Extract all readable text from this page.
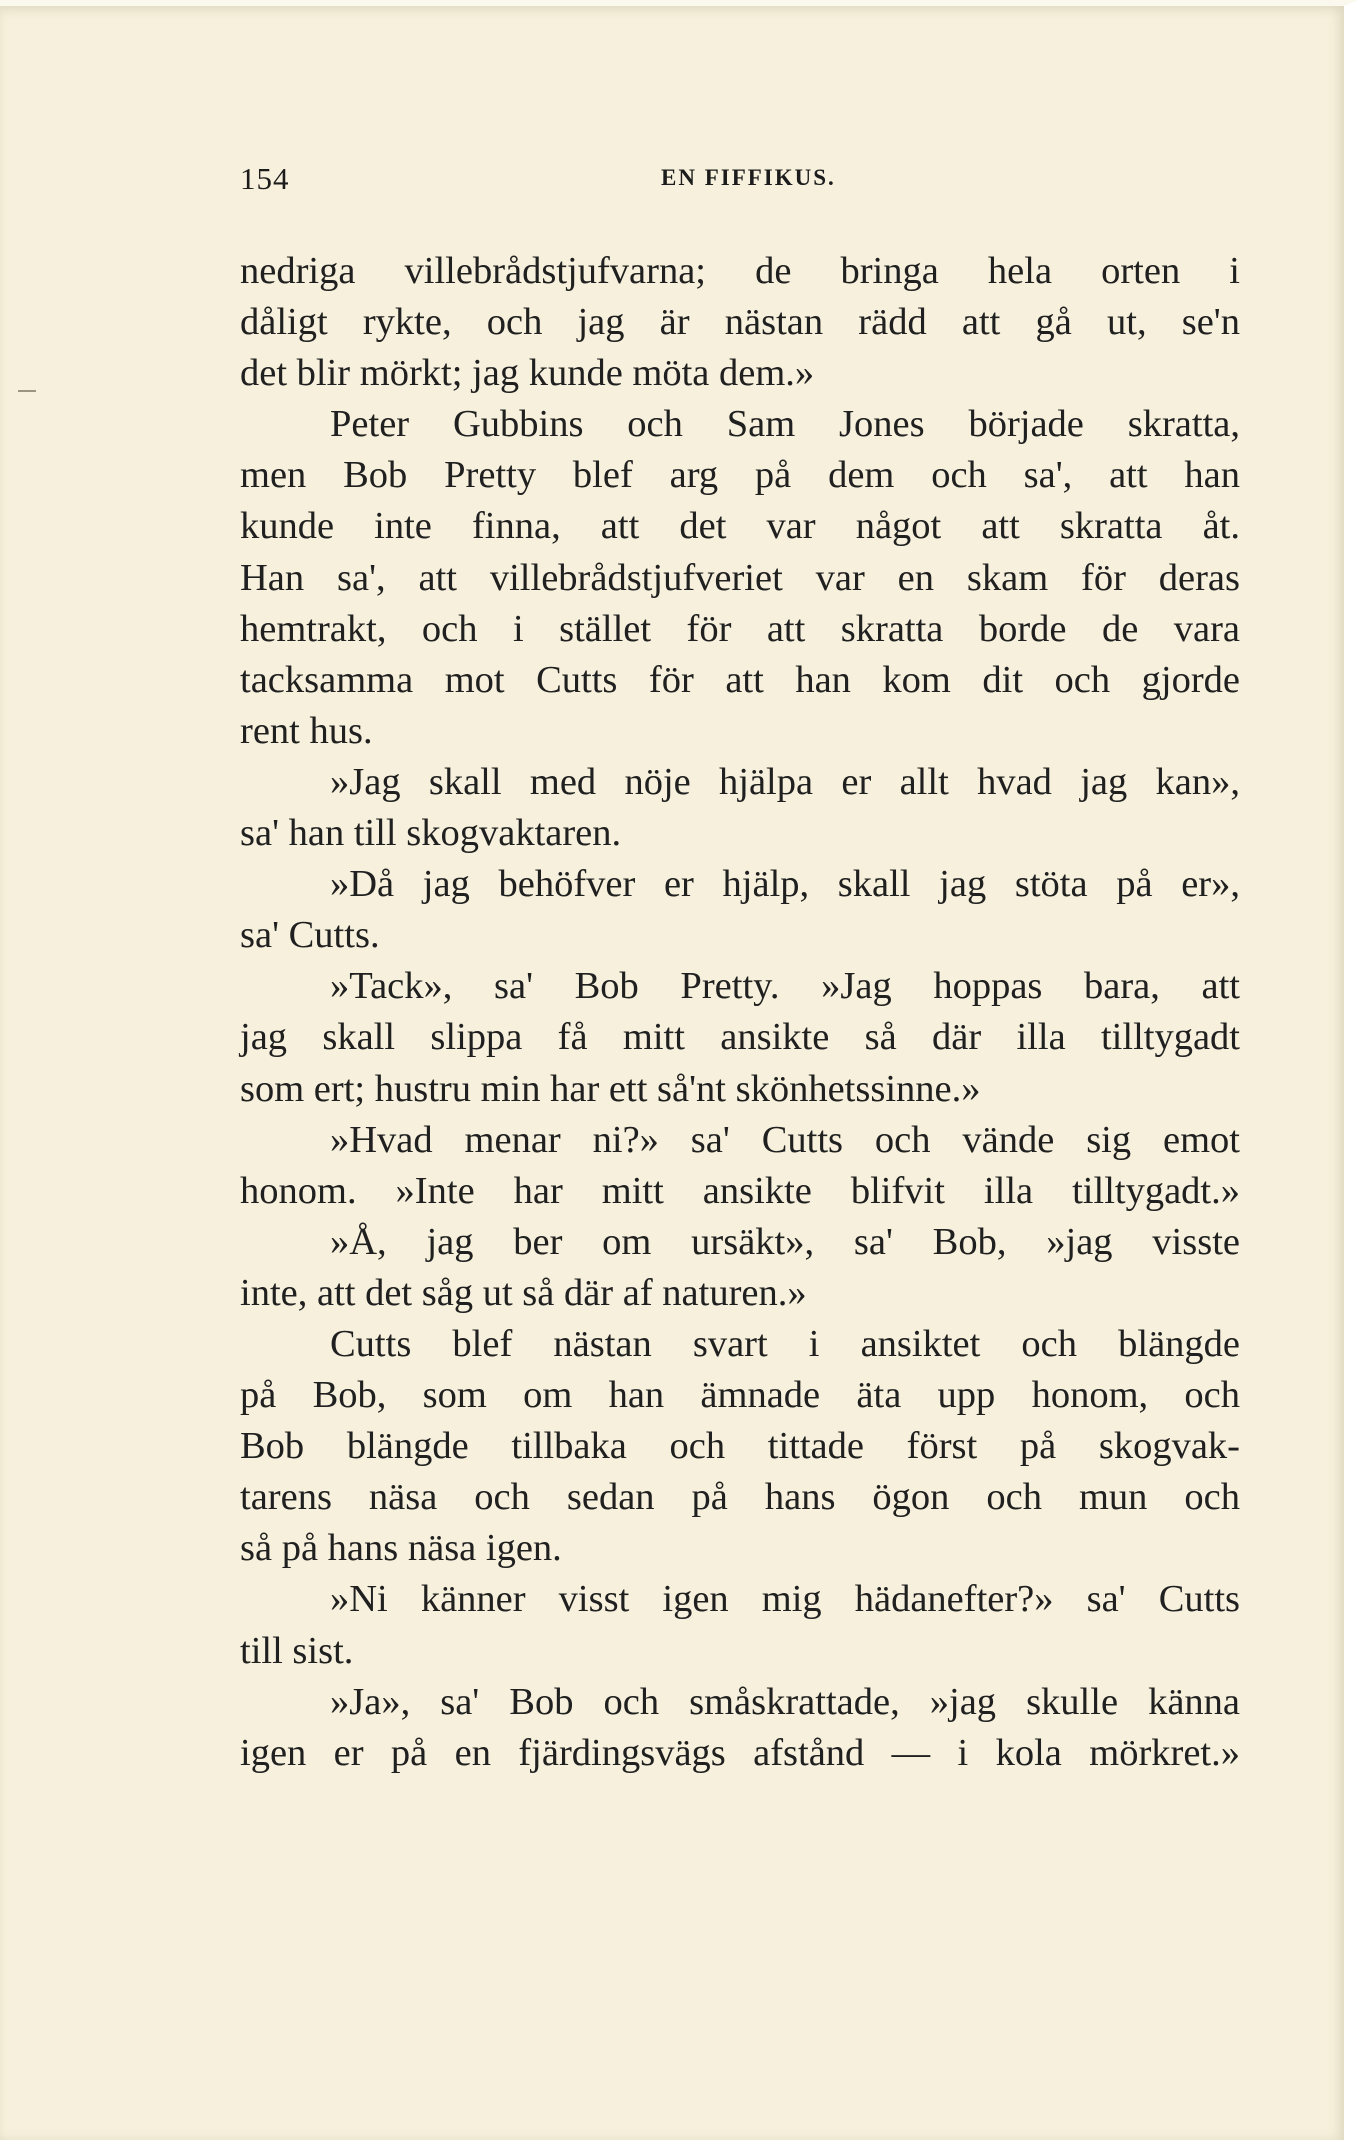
154	EN FIFFIKUS.
nedriga villebrådstjufvarna; de bringa hela orten i
dåligt rykte, och jag är nästan rädd att gå ut, se'n
det blir mörkt; jag kunde möta dem.»
Peter Gubbins och Sam Jones började skratta,
men Bob Pretty blef arg på dem och sa', att han
kunde inte finna, att det var något att skratta åt.
Han sa', att villebrådstjufveriet var en skam för deras
hemtrakt, och i stället för att skratta borde de vara
tacksamma mot Cutts för att han kom dit och gjorde
rent hus.
»Jag skall med nöje hjälpa er allt hvad jag kan»,
sa' han till skogvaktaren.
»Då jag behöfver er hjälp, skall jag stöta på er»,
sa' Cutts.
»Tack», sa' Bob Pretty. »Jag hoppas bara, att
jag skall slippa få mitt ansikte så där illa tilltygadt
som ert; hustru min har ett så'nt skönhetssinne.»
»Hvad menar ni?» sa' Cutts och vände sig emot
honom. »Inte har mitt ansikte blifvit illa tilltygadt.»
»Å, jag ber om ursäkt», sa' Bob, »jag visste
inte, att det såg ut så där af naturen.»
Cutts blef nästan svart i ansiktet och blängde
på Bob, som om han ämnade äta upp honom, och
Bob blängde tillbaka och tittade först på skogvak-
tarens näsa och sedan på hans ögon och mun och
så på hans näsa igen.
»Ni känner visst igen mig hädanefter?» sa' Cutts
till sist.
»Ja», sa' Bob och småskrattade, »jag skulle känna
igen er på en fjärdingsvägs afstånd — i kola mörkret.»
